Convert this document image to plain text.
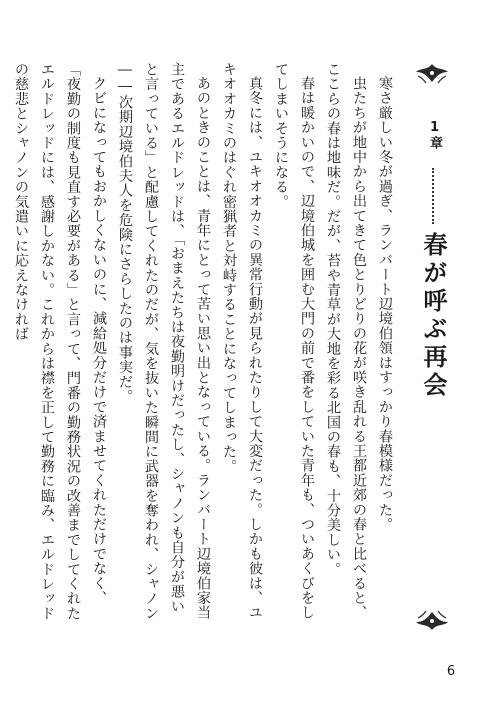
1章
春が呼ぶ再会

寒さ厳しい冬が過ぎ、ランバート辺境伯領はすっかり春模様だった。

虫たちが地中から出てきて色とりどりの花が咲き乱れる王都近郊の春と比べると、ここらの春は地味だ。だが、苔や青草が大地を彩る北国の春も、十分美しい。

春は暖かいので、辺境伯城を囲む大門の前で番をしていた青年も、ついあくびをしてしまいそうになる。

真冬には、ユキオオカミの異常行動が見られたりして大変だった。しかも彼は、ユキオオカミのはぐれ密猟者と対峙することになってしまった。

あのときのことは、青年にとって苦い思い出となっている。ランバート辺境伯家当主であるエルドレッドは、「おまえたちは夜勤明けだったし、シャノンも自分が悪いと言っている」と配慮してくれたのだが、気を抜いた瞬間に武器を奪われ、シャノン――次期辺境伯夫人を危険にさらしたのは事実だ。

クビになってもおかしくないのに、減給処分だけで済ませてくれただけでなく、「夜勤の制度も見直す必要がある」と言って、門番の勤務状況の改善までしてくれたエルドレッドには、感謝しかない。これからは襟を正して勤務に臨み、エルドレッドの慈悲とシャノンの気遣いに応えなければ

6
